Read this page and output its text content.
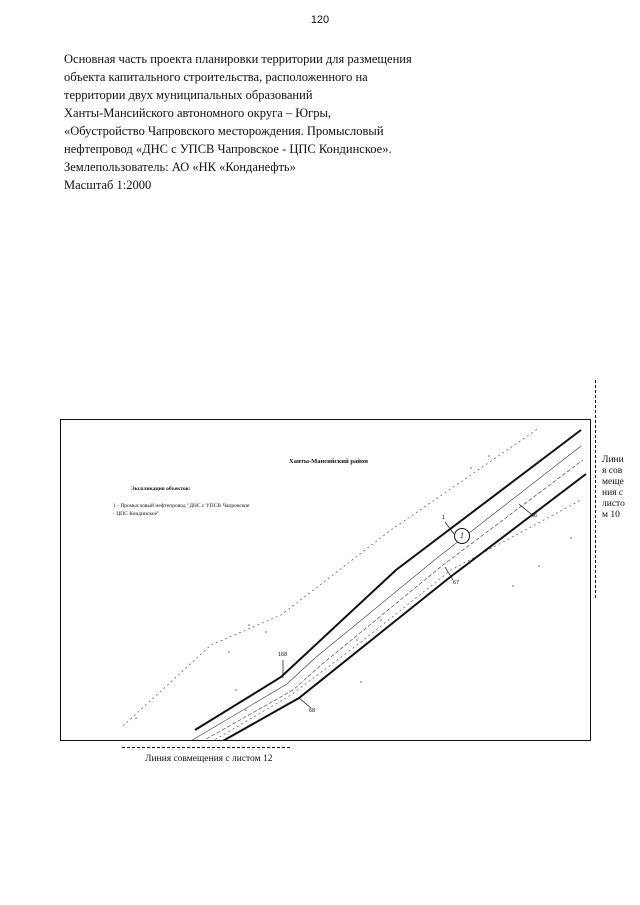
120
Основная часть проекта планировки территории для размещения
объекта капитального строительства, расположенного на
территории двух муниципальных образований
Ханты-Мансийского автономного округа – Югры,
«Обустройство Чапровского месторождения. Промысловый
нефтепровод «ДНС с УПСВ Чапровское - ЦПС Кондинское».
Землепользователь: АО «НК «Конданефть»
Масштаб 1:2000
Ханты-Мансийский район
Экспликация объектов:
1 - Промысловый нефтепровод "ДНС с УПСВ Чапровское
- ЦПС Кондинское"
1
1
66
67
168
68
Линия совмещения с листом 10
Линия совмещения с листом 12
